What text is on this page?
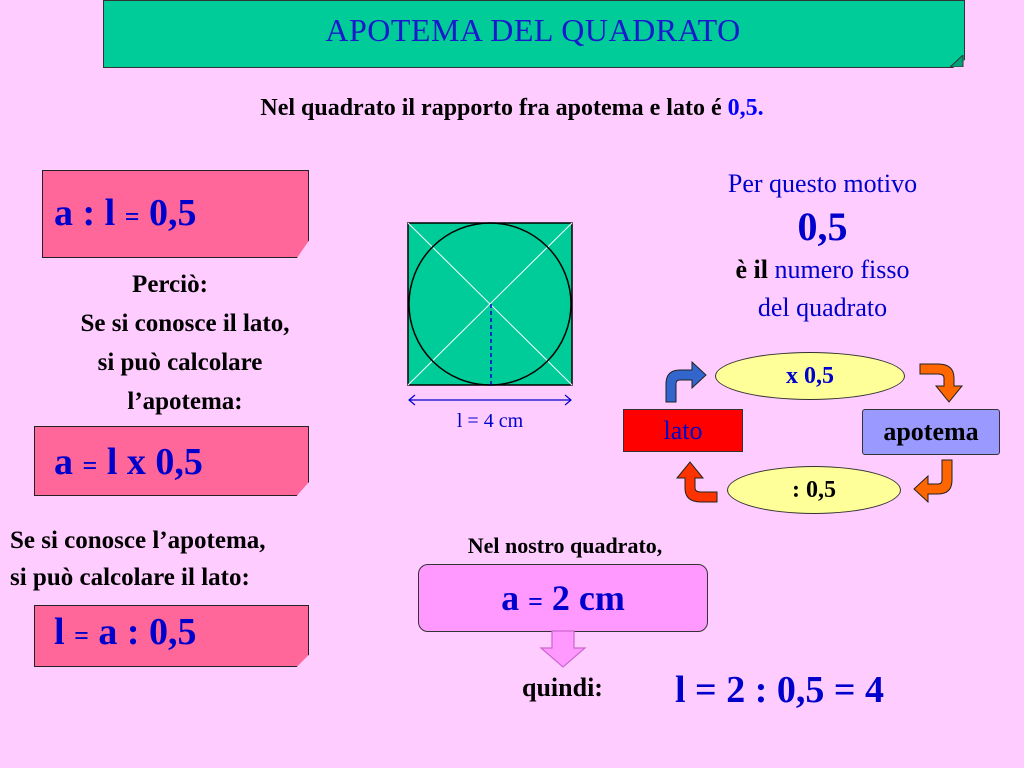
APOTEMA DEL QUADRATO
Nel quadrato il rapporto fra apotema e lato é 0,5.
a : l = 0,5
Perciò:
Se si conosce il lato,
si può calcolare
l’apotema:
a = l x 0,5
Se si conosce l’apotema,
si può calcolare il lato:
l = a : 0,5
l = 4 cm
Per questo motivo
0,5
è il numero fisso
del quadrato
x 0,5
: 0,5
lato	apotema
Nel nostro quadrato,
a = 2 cm
quindi: l = 2 : 0,5 = 4
